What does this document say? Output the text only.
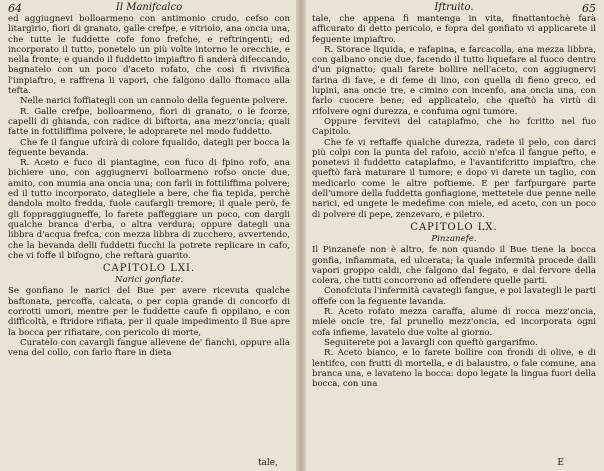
64	Il Manifcalco

ed aggiugnevi bolloarmeno con antimonio crudo, cefso con litargirio, fiori di granato, galle crefpe, e vitriolo, ana oncia una, che tutte le fuddette cofe fono frefche, e reftringenti; ed incorporato il tutto, ponetelo un più volte intorno le orecchie, e nella fronte; e quando il fuddetto impiaftro fi anderà difeccando, bagnatelo con un poco d'aceto rofato, che così fi rivivifica l'impiaftro, e raffrena li vapori, che falgono dallo ftomaco alla tefta.

Nelle narici foffiategli con un cannolo della feguente polvere.

R. Galle crefpe, bolloarmeno, fiori di granato, o le fcorze, capelli di ghianda, con radice di biftorta, ana mezz'oncia; quali fatte in fottiliffima polvere, le adoprarete nel modo fuddetto.

Che fe il fangue ufcirà di colore fqualido, dategli per bocca la feguente bevanda.

R. Aceto e fuco di piantagine, con fuco di fpino rofo, ana bichiere uno, con aggiugnervi bolloarmeno rofso oncie due, amito, con mumia ana oncia una; con farli in fottiliffima polvere; ed il tutto incorporato, dategliele a bere, che fia tepida, perchè dandola molto fredda, fuole caufargli tremore; il quale però, fe gli foppraggiugneffe, lo farete paffeggiare un poco, con dargli qualche branca d'erba, o altra verdura; oppure dategli una libbra d'acqua frefca, con mezza libbra di zucchero, avvertendo, che la bevanda delli fuddetti fucchi la potrete replicare in cafo, che vi foffe il bifogno, che reftarà guarito.

CAPITOLO LXI.
Narici gonfiate.

Se gonfiano le narici del Bue per avere ricevuta qualche baftonata, percoffa, calcata, o per copia grande di concorfo di corrotti umori, mentre per le fuddette caufe fi oppilano, e con difficoltà, e ftridore rifiata, per il quale impedimento il Bue apre la bocca per rifiatare, con pericolo di morte,

Curatelo con cavargli fangue allevene de' fianchi, oppure alla vena del collo, con farlo ftare in dieta

tale,
Iftruito.	65

tale, che appena fi mantenga in vita, finattantochè farà afficurato di detto pericolo, e fopra del gonfiato vi applicarete il feguente impiaftro.

R. Storace liquida, e rafapina, e farcacolla, ana mezza libbra, con galbano oncie due, facendo il tutto liquefare al fuoco dentro d'un pignatto; quali farete bollire nell'aceto, con aggiugnervi farina di fave, e di feme di lino, con quella di fieno greco, ed lupini, ana oncie tre, e cimino con incenfo, ana oncia una, con farlo cuocere bene; ed applicatelo, che queftò ha virtù di rifolvere ogni durezza, e confuma ogni tumore.

Oppure fervitevi del cataplafmo, che ho fcritto nel fuo Capitolo.

Che fe vi reftaffe qualche durezza, radete il pelo, con darci più colpi con la punta del rafoio, acciò n'efca il fangue pefto, e ponetevi il fuddetto cataplafmo, e l'avantifcritto impiaftro, che queftò farà maturare il tumore; e dopo vi darete un taglio, con medicarlo come le altre poftieme. E per farfpurgare parte dell'umore della fuddetta gonfiagione, mettetele due penne nelle narici, ed ungete le medefime con miele, ed aceto, con un poco di polvere di pepe, zenzevaro, e piletro.

CAPITOLO LX.
Pinzanefe.

Il Pinzanefe non è altro, fe non quando il Bue tiene la bocca gonfia, infiammata, ed ulcerata; la quale infermità procede dalli vapori groppo caldi, che falgono dal fegato, e dal fervore della colera, che tutti concorrono ad offendere quelle parti.

Conofciuta l'infermità cavategli fangue, e poi lavategli le parti offefe con la feguente lavanda.

R. Aceto rofato mezza caraffa, alume di rocca mezz'oncia, miele oncie tre, fal prunello mezz'oncia, ed incorporata ogni cofa infieme, lavatelo due volte al giorno.

Seguiterete poi a lavargli con queftò gargarifmo.

R. Aceto bianco, e lo farete bollire con frondi di olive, e di lentifco, con frutti di mortella, e di balaustro, o fale comune, ana branca una, e lavateno la bocca: dopo legate la lingua fuori della bocca, con una

E
